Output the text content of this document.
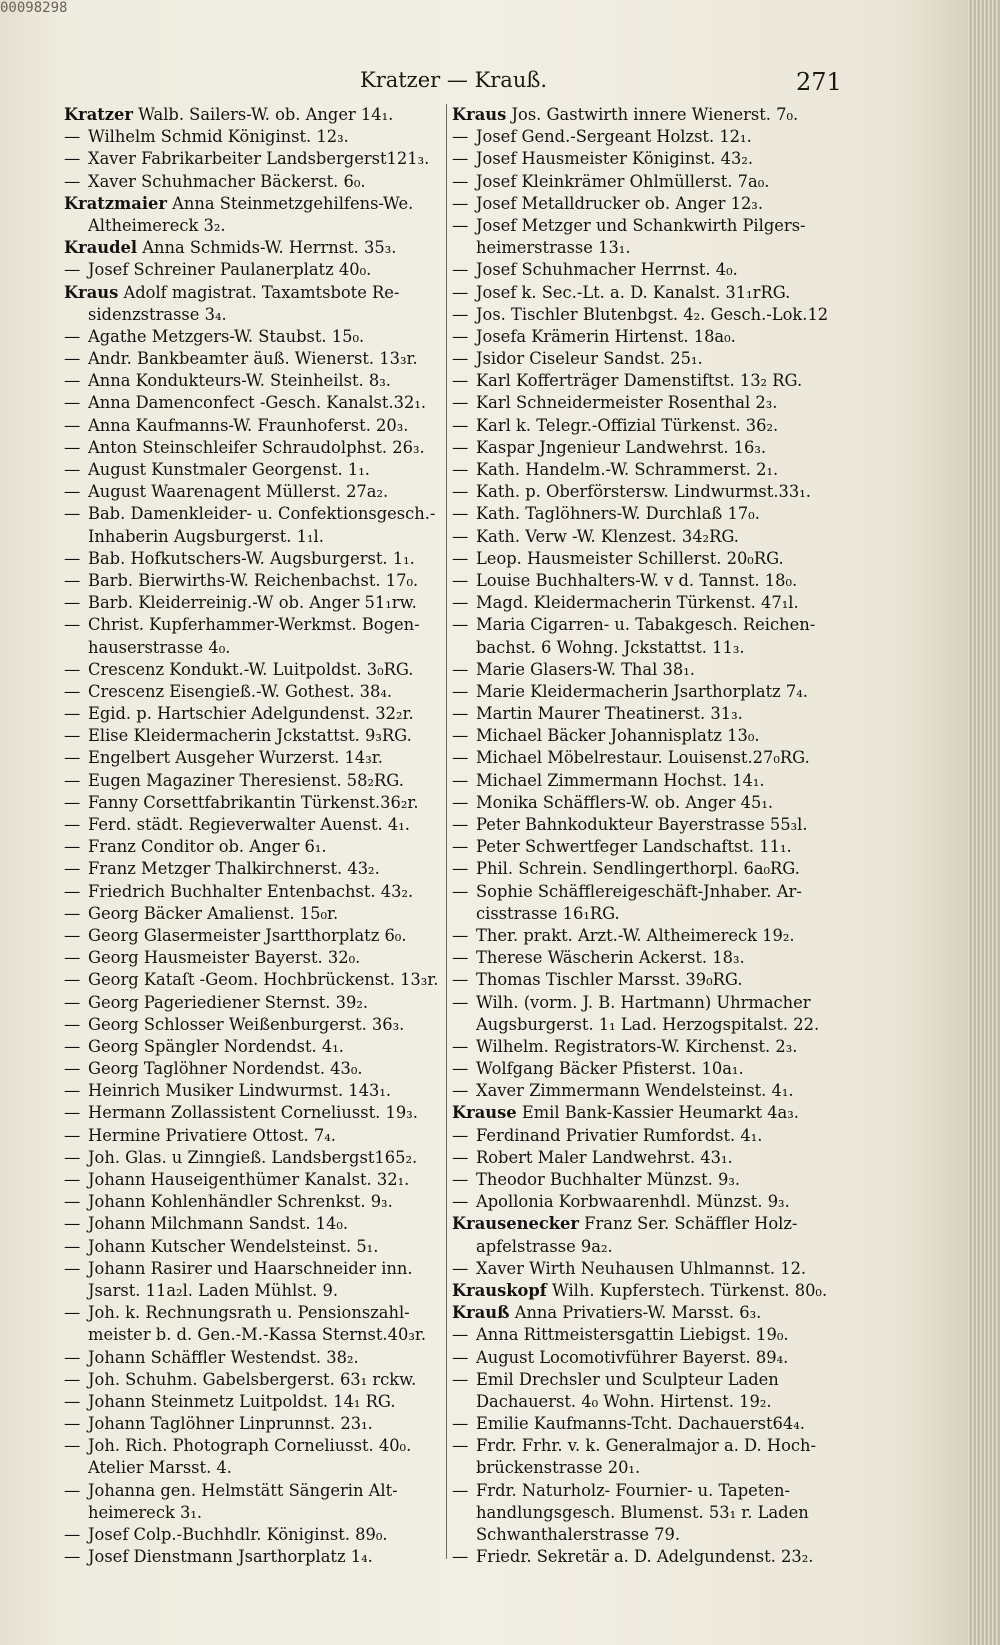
00098298
Kratzer — Krauß.	271
Kratzer Walb. Sailers-W. ob. Anger 14₁.
— Wilhelm Schmid Königinst. 12₃.
— Xaver Fabrikarbeiter Landsbergerst121₃.
— Xaver Schuhmacher Bäckerst. 6₀.
Kratzmaier Anna Steinmetzgehilfens-We.
Altheimereck 3₂.
Kraudel Anna Schmids-W. Herrnst. 35₃.
— Josef Schreiner Paulanerplatz 40₀.
Kraus Adolf magistrat. Taxamtsbote Re-
sidenzstrasse 3₄.
— Agathe Metzgers-W. Staubst. 15₀.
— Andr. Bankbeamter äuß. Wienerst. 13₃r.
— Anna Kondukteurs-W. Steinheilst. 8₃.
— Anna Damenconfect -Gesch. Kanalst.32₁.
— Anna Kaufmanns-W. Fraunhoferst. 20₃.
— Anton Steinschleifer Schraudolphst. 26₃.
— August Kunstmaler Georgenst. 1₁.
— August Waarenagent Müllerst. 27a₂.
— Bab. Damenkleider- u. Confektionsgesch.-
Inhaberin Augsburgerst. 1₁l.
— Bab. Hofkutschers-W. Augsburgerst. 1₁.
— Barb. Bierwirths-W. Reichenbachst. 17₀.
— Barb. Kleiderreinig.-W ob. Anger 51₁rw.
— Christ. Kupferhammer-Werkmst. Bogen-
hauserstrasse 4₀.
— Crescenz Kondukt.-W. Luitpoldst. 3₀RG.
— Crescenz Eisengieß.-W. Gothest. 38₄.
— Egid. p. Hartschier Adelgundenst. 32₂r.
— Elise Kleidermacherin Jckstattst. 9₃RG.
— Engelbert Ausgeher Wurzerst. 14₃r.
— Eugen Magaziner Theresienst. 58₂RG.
— Fanny Corsettfabrikantin Türkenst.36₂r.
— Ferd. städt. Regieverwalter Auenst. 4₁.
— Franz Conditor ob. Anger 6₁.
— Franz Metzger Thalkirchnerst. 43₂.
— Friedrich Buchhalter Entenbachst. 43₂.
— Georg Bäcker Amalienst. 15₀r.
— Georg Glasermeister Jsartthorplatz 6₀.
— Georg Hausmeister Bayerst. 32₀.
— Georg Kataſt -Geom. Hochbrückenst. 13₃r.
— Georg Pageriediener Sternst. 39₂.
— Georg Schlosser Weißenburgerst. 36₃.
— Georg Spängler Nordendst. 4₁.
— Georg Taglöhner Nordendst. 43₀.
— Heinrich Musiker Lindwurmst. 143₁.
— Hermann Zollassistent Corneliusst. 19₃.
— Hermine Privatiere Ottost. 7₄.
— Joh. Glas. u Zinngieß. Landsbergst165₂.
— Johann Hauseigenthümer Kanalst. 32₁.
— Johann Kohlenhändler Schrenkst. 9₃.
— Johann Milchmann Sandst. 14₀.
— Johann Kutscher Wendelsteinst. 5₁.
— Johann Rasirer und Haarschneider inn.
Jsarst. 11a₂l. Laden Mühlst. 9.
— Joh. k. Rechnungsrath u. Pensionszahl-
meister b. d. Gen.-M.-Kassa Sternst.40₃r.
— Johann Schäffler Westendst. 38₂.
— Joh. Schuhm. Gabelsbergerst. 63₁ rckw.
— Johann Steinmetz Luitpoldst. 14₁ RG.
— Johann Taglöhner Linprunnst. 23₁.
— Joh. Rich. Photograph Corneliusst. 40₀.
Atelier Marsst. 4.
— Johanna gen. Helmstätt Sängerin Alt-
heimereck 3₁.
— Josef Colp.-Buchhdlr. Königinst. 89₀.
— Josef Dienstmann Jsarthorplatz 1₄.
Kraus Jos. Gastwirth innere Wienerst. 7₀.
— Josef Gend.-Sergeant Holzst. 12₁.
— Josef Hausmeister Königinst. 43₂.
— Josef Kleinkrämer Ohlmüllerst. 7a₀.
— Josef Metalldrucker ob. Anger 12₃.
— Josef Metzger und Schankwirth Pilgers-
heimerstrasse 13₁.
— Josef Schuhmacher Herrnst. 4₀.
— Josef k. Sec.-Lt. a. D. Kanalst. 31₁rRG.
— Jos. Tischler Blutenbgst. 4₂. Gesch.-Lok.12
— Josefa Krämerin Hirtenst. 18a₀.
— Jsidor Ciseleur Sandst. 25₁.
— Karl Kofferträger Damenstiftst. 13₂ RG.
— Karl Schneidermeister Rosenthal 2₃.
— Karl k. Telegr.-Offizial Türkenst. 36₂.
— Kaspar Jngenieur Landwehrst. 16₃.
— Kath. Handelm.-W. Schrammerst. 2₁.
— Kath. p. Oberförstersw. Lindwurmst.33₁.
— Kath. Taglöhners-W. Durchlaß 17₀.
— Kath. Verw -W. Klenzest. 34₂RG.
— Leop. Hausmeister Schillerst. 20₀RG.
— Louise Buchhalters-W. v d. Tannst. 18₀.
— Magd. Kleidermacherin Türkenst. 47₁l.
— Maria Cigarren- u. Tabakgesch. Reichen-
bachst. 6 Wohng. Jckstattst. 11₃.
— Marie Glasers-W. Thal 38₁.
— Marie Kleidermacherin Jsarthorplatz 7₄.
— Martin Maurer Theatinerst. 31₃.
— Michael Bäcker Johannisplatz 13₀.
— Michael Möbelrestaur. Louisenst.27₀RG.
— Michael Zimmermann Hochst. 14₁.
— Monika Schäfflers-W. ob. Anger 45₁.
— Peter Bahnkodukteur Bayerstrasse 55₃l.
— Peter Schwertfeger Landschaftst. 11₁.
— Phil. Schrein. Sendlingerthorpl. 6a₀RG.
— Sophie Schäfflereigeschäft-Jnhaber. Ar-
cisstrasse 16₁RG.
— Ther. prakt. Arzt.-W. Altheimereck 19₂.
— Therese Wäscherin Ackerst. 18₃.
— Thomas Tischler Marsst. 39₀RG.
— Wilh. (vorm. J. B. Hartmann) Uhrmacher
Augsburgerst. 1₁ Lad. Herzogspitalst. 22.
— Wilhelm. Registrators-W. Kirchenst. 2₃.
— Wolfgang Bäcker Pfisterst. 10a₁.
— Xaver Zimmermann Wendelsteinst. 4₁.
Krause Emil Bank-Kassier Heumarkt 4a₃.
— Ferdinand Privatier Rumfordst. 4₁.
— Robert Maler Landwehrst. 43₁.
— Theodor Buchhalter Münzst. 9₃.
— Apollonia Korbwaarenhdl. Münzst. 9₃.
Krausenecker Franz Ser. Schäffler Holz-
apfelstrasse 9a₂.
— Xaver Wirth Neuhausen Uhlmannst. 12.
Krauskopf Wilh. Kupferstech. Türkenst. 80₀.
Krauß Anna Privatiers-W. Marsst. 6₃.
— Anna Rittmeistersgattin Liebigst. 19₀.
— August Locomotivführer Bayerst. 89₄.
— Emil Drechsler und Sculpteur Laden
Dachauerst. 4₀ Wohn. Hirtenst. 19₂.
— Emilie Kaufmanns-Tcht. Dachauerst64₄.
— Frdr. Frhr. v. k. Generalmajor a. D. Hoch-
brückenstrasse 20₁.
— Frdr. Naturholz- Fournier- u. Tapeten-
handlungsgesch. Blumenst. 53₁ r. Laden
Schwanthalerstrasse 79.
— Friedr. Sekretär a. D. Adelgundenst. 23₂.
